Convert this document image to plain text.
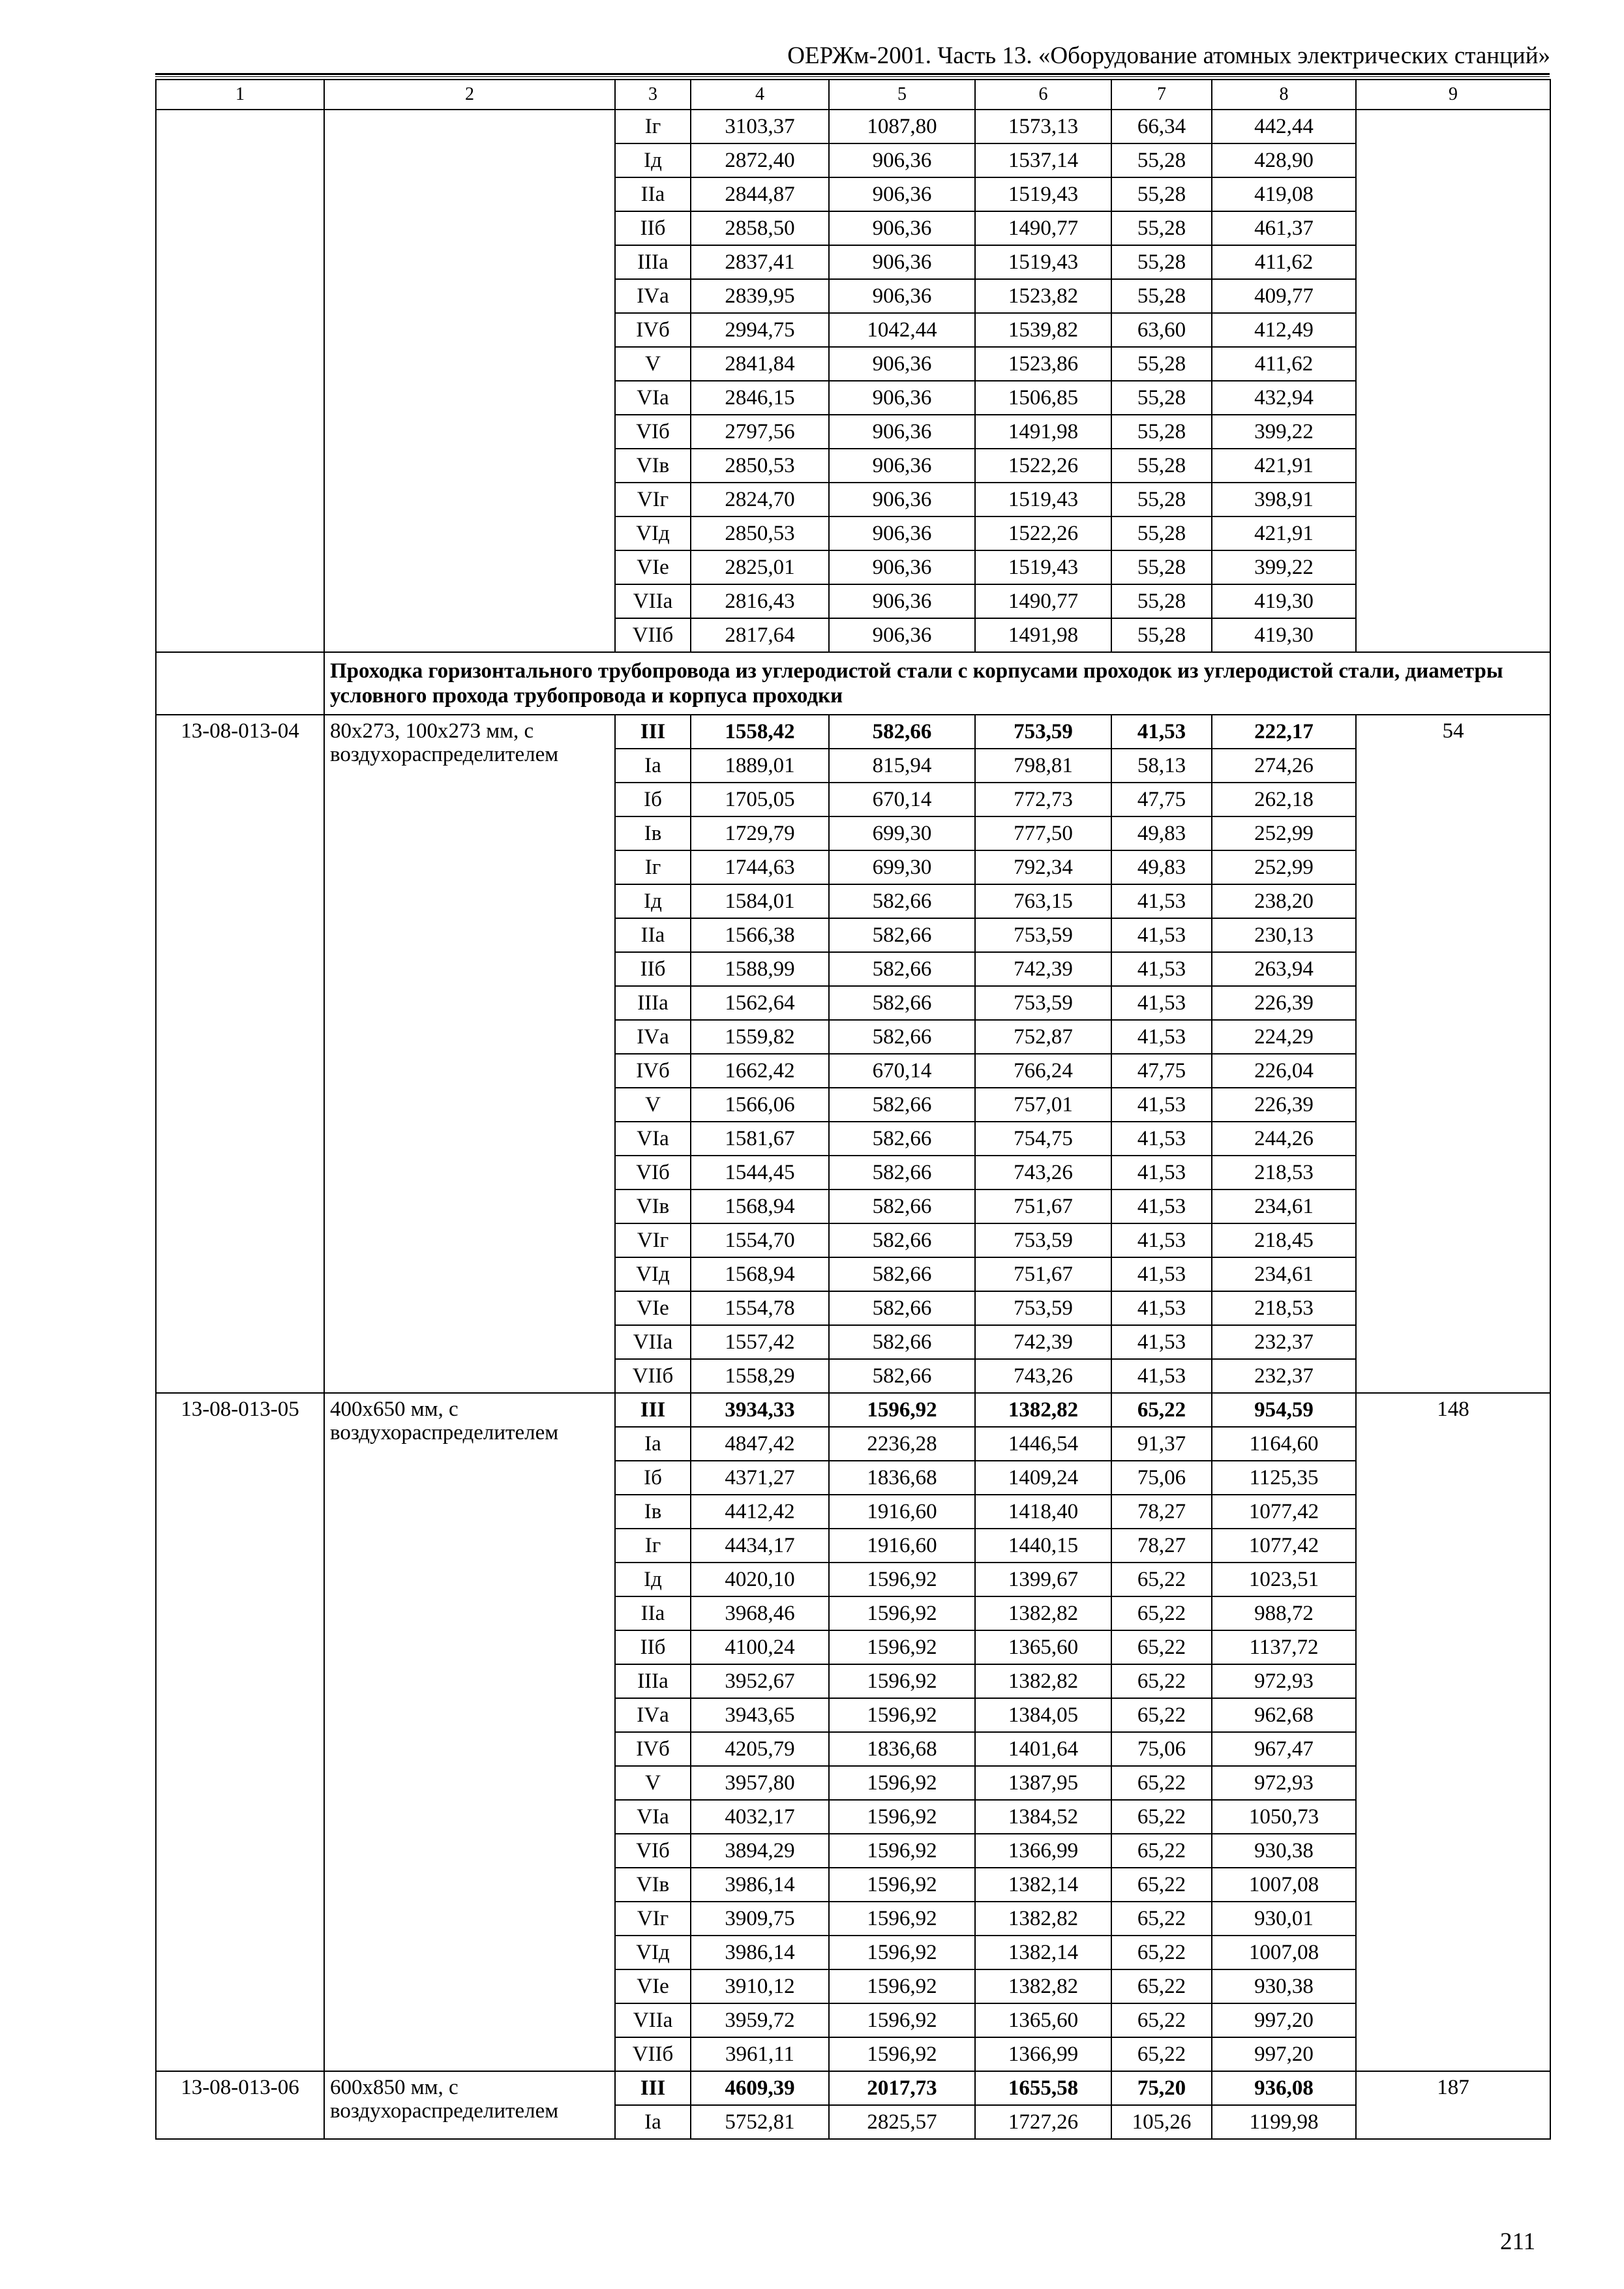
ОЕРЖм-2001. Часть 13. «Оборудование атомных электрических станций»
1	2	3	4	5	6	7	8	9
		Iг	3103,37	1087,80	1573,13	66,34	442,44	
		Iд	2872,40	906,36	1537,14	55,28	428,90	
		IIа	2844,87	906,36	1519,43	55,28	419,08	
		IIб	2858,50	906,36	1490,77	55,28	461,37	
		IIIа	2837,41	906,36	1519,43	55,28	411,62	
		IVа	2839,95	906,36	1523,82	55,28	409,77	
		IVб	2994,75	1042,44	1539,82	63,60	412,49	
		V	2841,84	906,36	1523,86	55,28	411,62	
		VIа	2846,15	906,36	1506,85	55,28	432,94	
		VIб	2797,56	906,36	1491,98	55,28	399,22	
		VIв	2850,53	906,36	1522,26	55,28	421,91	
		VIг	2824,70	906,36	1519,43	55,28	398,91	
		VIд	2850,53	906,36	1522,26	55,28	421,91	
		VIе	2825,01	906,36	1519,43	55,28	399,22	
		VIIа	2816,43	906,36	1490,77	55,28	419,30	
		VIIб	2817,64	906,36	1491,98	55,28	419,30	
	Проходка горизонтального трубопровода из углеродистой стали с корпусами проходок из углеродистой стали, диаметры условного прохода трубопровода и корпуса проходки							
13-08-013-04	80x273, 100x273 мм, с воздухораспределителем	III	1558,42	582,66	753,59	41,53	222,17	54
		Iа	1889,01	815,94	798,81	58,13	274,26	
		Iб	1705,05	670,14	772,73	47,75	262,18	
		Iв	1729,79	699,30	777,50	49,83	252,99	
		Iг	1744,63	699,30	792,34	49,83	252,99	
		Iд	1584,01	582,66	763,15	41,53	238,20	
		IIа	1566,38	582,66	753,59	41,53	230,13	
		IIб	1588,99	582,66	742,39	41,53	263,94	
		IIIа	1562,64	582,66	753,59	41,53	226,39	
		IVа	1559,82	582,66	752,87	41,53	224,29	
		IVб	1662,42	670,14	766,24	47,75	226,04	
		V	1566,06	582,66	757,01	41,53	226,39	
		VIа	1581,67	582,66	754,75	41,53	244,26	
		VIб	1544,45	582,66	743,26	41,53	218,53	
		VIв	1568,94	582,66	751,67	41,53	234,61	
		VIг	1554,70	582,66	753,59	41,53	218,45	
		VIд	1568,94	582,66	751,67	41,53	234,61	
		VIе	1554,78	582,66	753,59	41,53	218,53	
		VIIа	1557,42	582,66	742,39	41,53	232,37	
		VIIб	1558,29	582,66	743,26	41,53	232,37	
13-08-013-05	400x650 мм, с воздухораспределителем	III	3934,33	1596,92	1382,82	65,22	954,59	148
		Iа	4847,42	2236,28	1446,54	91,37	1164,60	
		Iб	4371,27	1836,68	1409,24	75,06	1125,35	
		Iв	4412,42	1916,60	1418,40	78,27	1077,42	
		Iг	4434,17	1916,60	1440,15	78,27	1077,42	
		Iд	4020,10	1596,92	1399,67	65,22	1023,51	
		IIа	3968,46	1596,92	1382,82	65,22	988,72	
		IIб	4100,24	1596,92	1365,60	65,22	1137,72	
		IIIа	3952,67	1596,92	1382,82	65,22	972,93	
		IVа	3943,65	1596,92	1384,05	65,22	962,68	
		IVб	4205,79	1836,68	1401,64	75,06	967,47	
		V	3957,80	1596,92	1387,95	65,22	972,93	
		VIа	4032,17	1596,92	1384,52	65,22	1050,73	
		VIб	3894,29	1596,92	1366,99	65,22	930,38	
		VIв	3986,14	1596,92	1382,14	65,22	1007,08	
		VIг	3909,75	1596,92	1382,82	65,22	930,01	
		VIд	3986,14	1596,92	1382,14	65,22	1007,08	
		VIе	3910,12	1596,92	1382,82	65,22	930,38	
		VIIа	3959,72	1596,92	1365,60	65,22	997,20	
		VIIб	3961,11	1596,92	1366,99	65,22	997,20	
13-08-013-06	600x850 мм, с воздухораспределителем	III	4609,39	2017,73	1655,58	75,20	936,08	187
		Iа	5752,81	2825,57	1727,26	105,26	1199,98	
211
